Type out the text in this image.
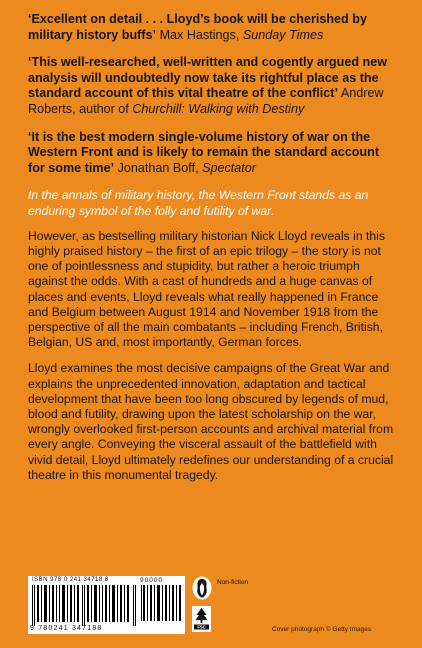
‘Excellent on detail . . . Lloyd’s book will be cherished by military history buffs’ Max Hastings, Sunday Times

‘This well-researched, well-written and cogently argued new analysis will undoubtedly now take its rightful place as the standard account of this vital theatre of the conflict’ Andrew Roberts, author of Churchill: Walking with Destiny

‘It is the best modern single-volume history of war on the Western Front and is likely to remain the standard account for some time’ Jonathan Boff, Spectator

In the annals of military history, the Western Front stands as an enduring symbol of the folly and futility of war.

However, as bestselling military historian Nick Lloyd reveals in this highly praised history – the first of an epic trilogy – the story is not one of pointlessness and stupidity, but rather a heroic triumph against the odds. With a cast of hundreds and a huge canvas of places and events, Lloyd reveals what really happened in France and Belgium between August 1914 and November 1918 from the perspective of all the main combatants – including French, British, Belgian, US and, most importantly, German forces.

Lloyd examines the most decisive campaigns of the Great War and explains the unprecedented innovation, adaptation and tactical development that have been too long obscured by legends of mud, blood and futility, drawing upon the latest scholarship on the war, wrongly overlooked first-person accounts and archival material from every angle. Conveying the visceral assault of the battlefield with vivid detail, Lloyd ultimately redefines our understanding of a crucial theatre in this monumental tragedy.

ISBN 978 0 241 34718 8	90000
9 780241 347188
Non-fiction
FSC	Cover photograph © Getty Images
